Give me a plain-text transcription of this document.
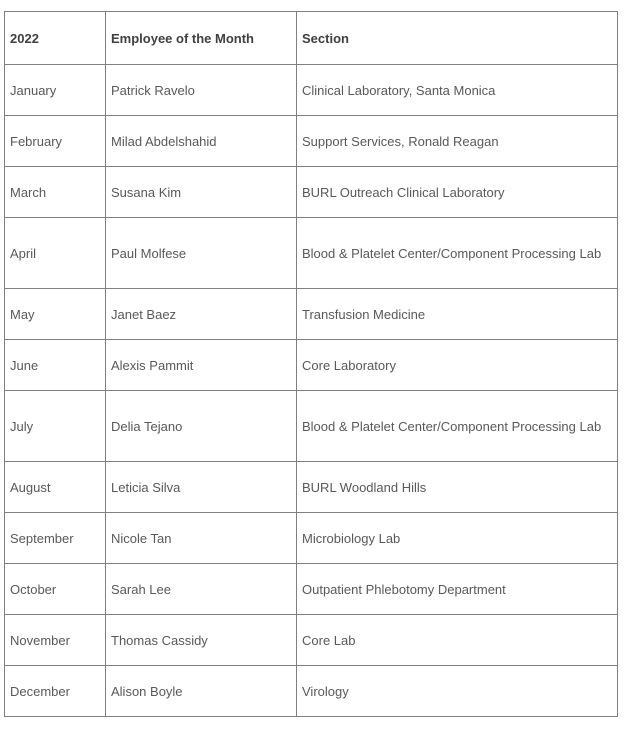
2022	Employee of the Month	Section
January	Patrick Ravelo	Clinical Laboratory, Santa Monica
February	Milad Abdelshahid	Support Services, Ronald Reagan
March	Susana Kim	BURL Outreach Clinical Laboratory
April	Paul Molfese	Blood & Platelet Center/Component Processing Lab
May	Janet Baez	Transfusion Medicine
June	Alexis Pammit	Core Laboratory
July	Delia Tejano	Blood & Platelet Center/Component Processing Lab
August	Leticia Silva	BURL Woodland Hills
September	Nicole Tan	Microbiology Lab
October	Sarah Lee	Outpatient Phlebotomy Department
November	Thomas Cassidy	Core Lab
December	Alison Boyle	Virology
